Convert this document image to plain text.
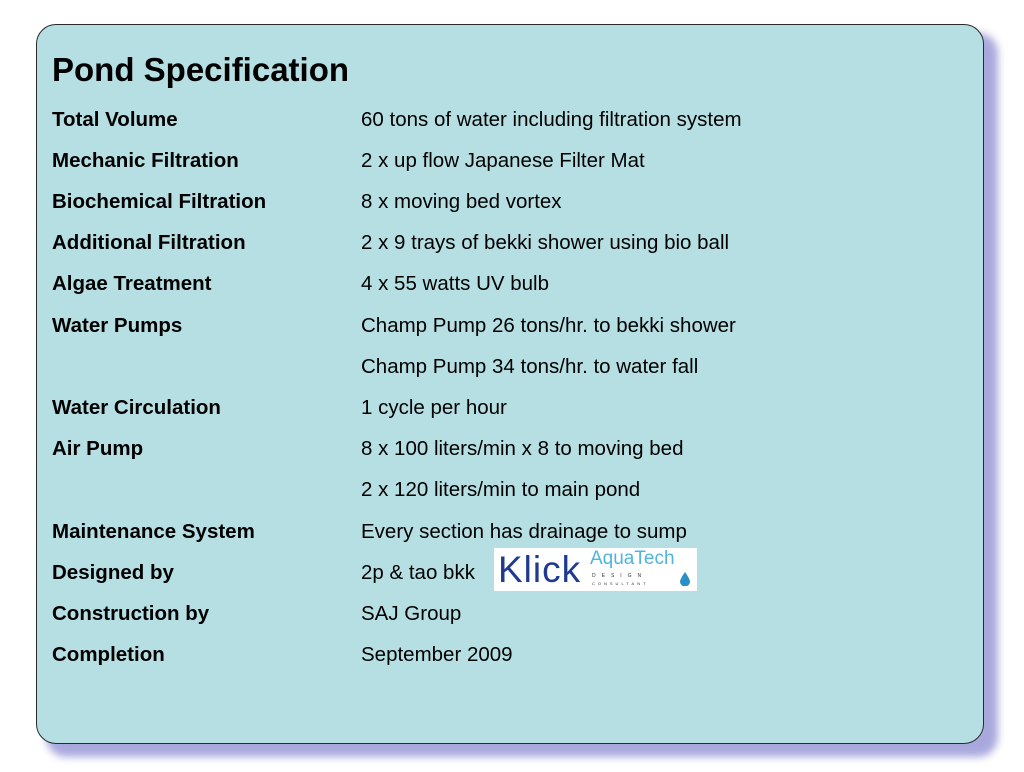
Pond Specification
Total Volume	60 tons of water including filtration system
Mechanic Filtration	2 x up flow Japanese Filter Mat
Biochemical Filtration	8 x moving bed vortex
Additional Filtration	2 x 9 trays of bekki shower using bio ball
Algae Treatment	4 x 55 watts UV bulb
Water Pumps	Champ Pump 26 tons/hr. to bekki shower
Champ Pump 34 tons/hr. to water fall
Water Circulation	1 cycle per hour
Air Pump	8 x 100 liters/min x 8 to moving bed
2 x 120 liters/min to main pond
Maintenance System	Every section has drainage to sump
Designed by	2p & tao bkk
Construction by	SAJ Group
Completion	September 2009
Klick AquaTech
DESIGN
CONSULTANT
